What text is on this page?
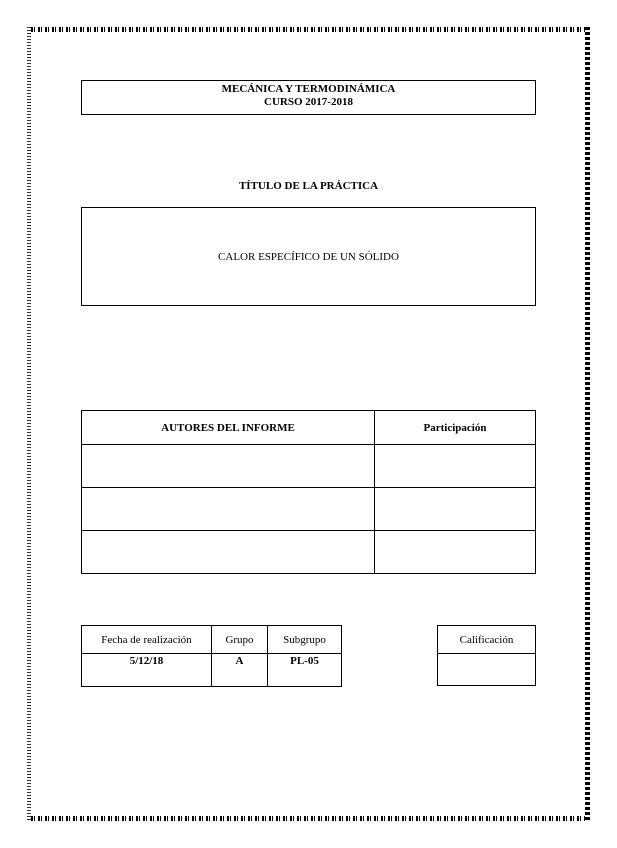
MECÁNICA Y TERMODINÁMICA
CURSO 2017-2018
TÍTULO DE LA PRÁCTICA
CALOR ESPECÍFICO DE UN SÓLIDO
AUTORES DEL INFORME	Participación

Fecha de realización	Grupo	Subgrupo
5/12/18	A	PL-05
Calificación
